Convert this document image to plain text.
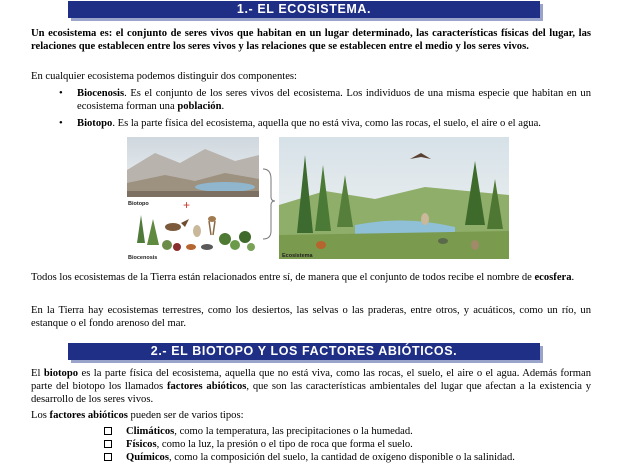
1.- EL ECOSISTEMA.
Un ecosistema es: el conjunto de seres vivos que habitan en un lugar determinado, las características físicas del lugar, las relaciones que establecen entre los seres vivos y las relaciones que se establecen entre el medio y los seres vivos.
En cualquier ecosistema podemos distinguir dos componentes:
• Biocenosis. Es el conjunto de los seres vivos del ecosistema. Los individuos de una misma especie que habitan en un ecosistema forman una población.
• Biotopo. Es la parte física del ecosistema, aquella que no está viva, como las rocas, el suelo, el aire o el agua.
Biotopo	+
Biocenosis	Ecosistema
Todos los ecosistemas de la Tierra están relacionados entre sí, de manera que el conjunto de todos recibe el nombre de ecosfera.
En la Tierra hay ecosistemas terrestres, como los desiertos, las selvas o las praderas, entre otros, y acuáticos, como un río, un estanque o el fondo arenoso del mar.
2.- EL BIOTOPO Y LOS FACTORES ABIÓTICOS.
El biotopo es la parte física del ecosistema, aquella que no está viva, como las rocas, el suelo, el aire o el agua. Además forman parte del biotopo los llamados factores abióticos, que son las características ambientales del lugar que afectan a la existencia y desarrollo de los seres vivos.
Los factores abióticos pueden ser de varios tipos:
Climáticos, como la temperatura, las precipitaciones o la humedad.
Físicos, como la luz, la presión o el tipo de roca que forma el suelo.
Químicos, como la composición del suelo, la cantidad de oxígeno disponible o la salinidad.
